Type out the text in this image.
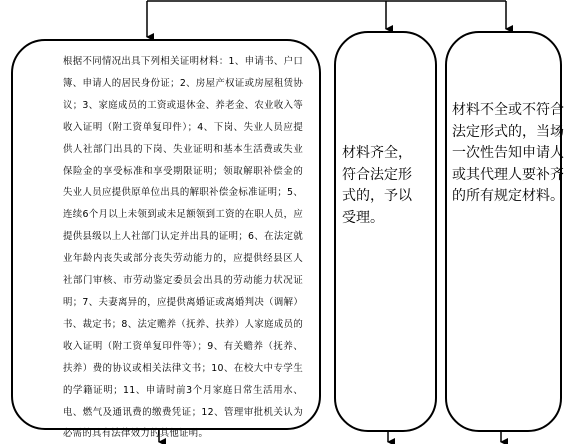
根据不同情况出具下列相关证明材料：1、申请书、户口簿、申请人的居民身份证；2、房屋产权证或房屋租赁协议；3、家庭成员的工资或退休金、养老金、农业收入等收入证明（附工资单复印件）；4、下岗、失业人员应提供人社部门出具的下岗、失业证明和基本生活费或失业保险金的享受标准和享受期限证明；领取解职补偿金的失业人员应提供原单位出具的解职补偿金标准证明；5、连续6个月以上未领到或未足额领到工资的在职人员，应提供县级以上人社部门认定并出具的证明；6、在法定就业年龄内丧失或部分丧失劳动能力的，应提供经县区人社部门审核、市劳动鉴定委员会出具的劳动能力状况证明；7、夫妻离异的，应提供离婚证或离婚判决（调解）书、裁定书；8、法定赡养（抚养、扶养）人家庭成员的收入证明（附工资单复印件等）；9、有关赡养（抚养、扶养）费的协议或相关法律文书；10、在校大中专学生的学籍证明；11、申请时前3个月家庭日常生活用水、电、燃气及通讯费的缴费凭证；12、管理审批机关认为必需的具有法律效力的其他证明。
材料齐全，符合法定形式的，予以受理。
材料不全或不符合法定形式的，当场一次性告知申请人或其代理人要补齐的所有规定材料。
